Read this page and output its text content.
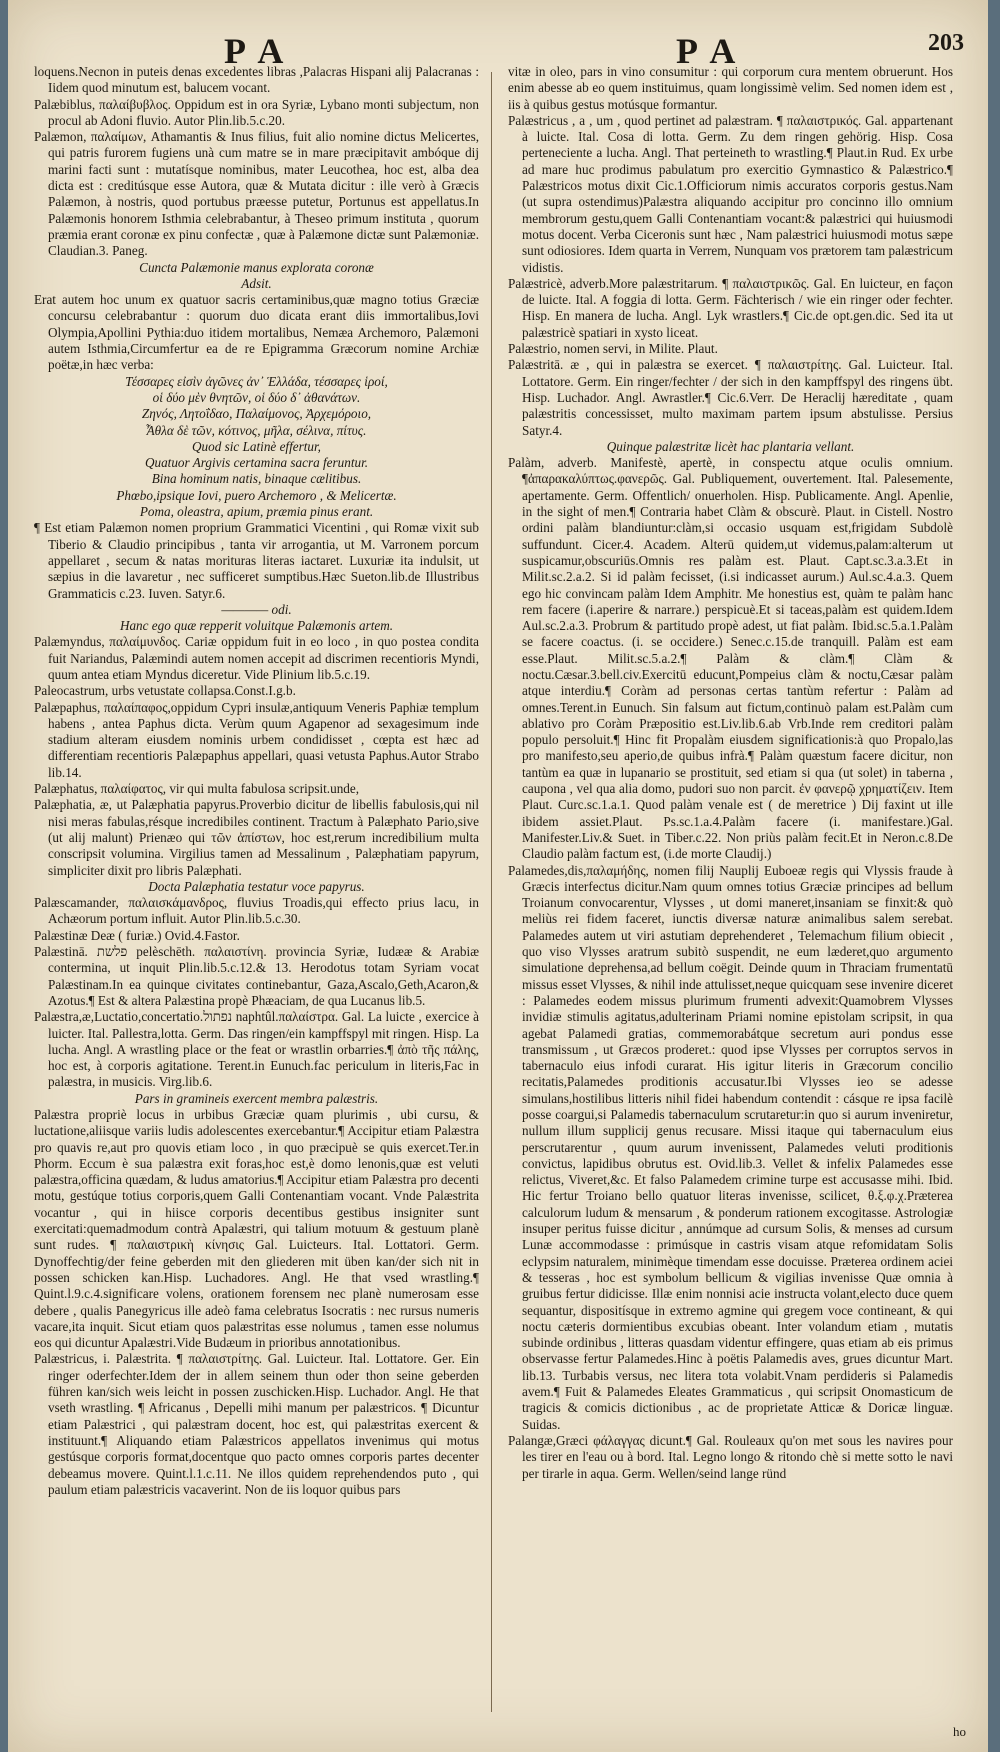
PA	PA	203

loquens.Necnon in puteis denas excedentes libras ,Palacras Hispani alij Palacranas : Iidem quod minutum est, balucem vocant.

Palæbiblus, παλαίβυβλος. Oppidum est in ora Syriæ, Lybano monti subjectum, non procul ab Adoni fluvio. Autor Plin.lib.5.c.20.

Palæmon, παλαίμων, Athamantis & Inus filius, fuit alio nomine dictus Melicertes, qui patris furorem fugiens unà cum matre se in mare præcipitavit ambóque dij marini facti sunt : mutatísque nominibus, mater Leucothea, hoc est, alba dea dicta est : creditúsque esse Autora, quæ & Mutata dicitur : ille verò à Græcis Palæmon, à nostris, quod portubus præesse putetur, Portunus est appellatus.In Palæmonis honorem Isthmia celebrabantur, à Theseo primum instituta , quorum præmia erant coronæ ex pinu confectæ , quæ à Palæmone dictæ sunt Palæmoniæ. Claudian.3. Paneg.

Cuncta Palæmonie manus explorata coronæ

Adsit.

Erat autem hoc unum ex quatuor sacris certaminibus,quæ magno totius Græciæ concursu celebrabantur : quorum duo dicata erant diis immortalibus,Iovi Olympia,Apollini Pythia:duo itidem mortalibus, Nemæa Archemoro, Palæmoni autem Isthmia,Circumfertur ea de re Epigramma Græcorum nomine Archiæ poëtæ,in hæc verba:

Τέσσαρες εἰσὶν ἀγῶνες ἀν᾽ Ἑλλάδα, τέσσαρες ἱροί,

οἱ δύο μὲν θνητῶν, οἱ δύο δ᾽ ἀθανάτων.

Ζηνός, Λητοΐδαο, Παλαίμονος, Ἀρχεμόροιο,

Ἆθλα δὲ τῶν, κότινος, μῆλα, σέλινα, πίτυς.

Quod sic Latinè effertur,

Quatuor Argivis certamina sacra feruntur.

Bina hominum natis, binaque cælitibus.

Phœbo,ipsique Iovi, puero Archemoro , & Melicertæ.

Poma, oleastra, apium, præmia pinus erant.

¶ Est etiam Palæmon nomen proprium Grammatici Vicentini , qui Romæ vixit sub Tiberio & Claudio principibus , tanta vir arrogantia, ut M. Varronem porcum appellaret , secum & natas morituras literas iactaret. Luxuriæ ita indulsit, ut sæpius in die lavaretur , nec sufficeret sumptibus.Hæc Sueton.lib.de Illustribus Grammaticis c.23. Iuven. Satyr.6.

———— odi.

Hanc ego quæ repperit voluitque Palæmonis artem.

Palæmyndus, παλαίμυνδος. Cariæ oppidum fuit in eo loco , in quo postea condita fuit Nariandus, Palæmindi autem nomen accepit ad discrimen recentioris Myndi, quum antea etiam Myndus diceretur. Vide Plinium lib.5.c.19.

Paleocastrum, urbs vetustate collapsa.Const.I.g.b.

Palæpaphus, παλαίπαφος,oppidum Cypri insulæ,antiquum Veneris Paphiæ templum habens , antea Paphus dicta. Verùm quum Agapenor ad sexagesimum inde stadium alteram eiusdem nominis urbem condidisset , cœpta est hæc ad differentiam recentioris Palæpaphus appellari, quasi vetusta Paphus.Autor Strabo lib.14.

Palæphatus, παλαίφατος, vir qui multa fabulosa scripsit.unde,

Palæphatia, æ, ut Palæphatia papyrus.Proverbio dicitur de libellis fabulosis,qui nil nisi meras fabulas,résque incredibiles continent. Tractum à Palæphato Pario,sive (ut alij malunt) Prienæo qui τῶν ἀπίστων, hoc est,rerum incredibilium multa conscripsit volumina. Virgilius tamen ad Messalinum , Palæphatiam papyrum, simpliciter dixit pro libris Palæphati.

Docta Palæphatia testatur voce papyrus.

Palæscamander, παλαισκάμανδρος, fluvius Troadis,qui effecto prius lacu, in Achæorum portum influit. Autor Plin.lib.5.c.30.

Palæstinæ Deæ ( furiæ.) Ovid.4.Fastor.

Palæstinā. פלשת pelèschēth. παλαιστίνη. provincia Syriæ, Iudææ & Arabiæ contermina, ut inquit Plin.lib.5.c.12.& 13. Herodotus totam Syriam vocat Palæstinam.In ea quinque civitates continebantur, Gaza,Ascalo,Geth,Acaron,& Azotus.¶ Est & altera Palæstina propè Phæaciam, de qua Lucanus lib.5.

Palæstra,æ,Luctatio,concertatio.נפתול naphtûl.παλαίστρα. Gal. La luicte , exercice à luicter. Ital. Pallestra,lotta. Germ. Das ringen/ein kampffspyl mit ringen. Hisp. La lucha. Angl. A wrastling place or the feat or wrastlin orbarries.¶ ἀπὸ τῆς πάλης, hoc est, à corporis agitatione. Terent.in Eunuch.fac periculum in literis,Fac in palæstra, in musicis. Virg.lib.6.

Pars in gramineis exercent membra palæstris.

Palæstra propriè locus in urbibus Græciæ quam plurimis , ubi cursu, & luctatione,aliisque variis ludis adolescentes exercebantur.¶ Accipitur etiam Palæstra pro quavis re,aut pro quovis etiam loco , in quo præcipuè se quis exercet.Ter.in Phorm. Eccum è sua palæstra exit foras,hoc est,è domo lenonis,quæ est veluti palæstra,officina quædam, & ludus amatorius.¶ Accipitur etiam Palæstra pro decenti motu, gestúque totius corporis,quem Galli Contenantiam vocant. Vnde Palæstrita vocantur , qui in hiisce corporis decentibus gestibus insigniter sunt exercitati:quemadmodum contrà Apalæstri, qui talium motuum & gestuum planè sunt rudes. ¶ παλαιστρικὴ κίνησις Gal. Luicteurs. Ital. Lottatori. Germ. Dynoffechtig/der feine geberden mit den gliederen mit üben kan/der sich nit in possen schicken kan.Hisp. Luchadores. Angl. He that vsed wrastling.¶ Quint.l.9.c.4.significare volens, orationem forensem nec planè numerosam esse debere , qualis Panegyricus ille adeò fama celebratus Isocratis : nec rursus numeris vacare,ita inquit. Sicut etiam quos palæstritas esse nolumus , tamen esse nolumus eos qui dicuntur Apalæstri.Vide Budæum in prioribus annotationibus.

Palæstricus, i. Palæstrita. ¶ παλαιστρίτης. Gal. Luicteur. Ital. Lottatore. Ger. Ein ringer oderfechter.Idem der in allem seinem thun oder thon seine geberden führen kan/sich weis leicht in possen zuschicken.Hisp. Luchador. Angl. He that vseth wrastling. ¶ Africanus , Depelli mihi manum per palæstricos. ¶ Dicuntur etiam Palæstrici , qui palæstram docent, hoc est, qui palæstritas exercent & instituunt.¶ Aliquando etiam Palæstricos appellatos invenimus qui motus gestúsque corporis format,docentque quo pacto omnes corporis partes decenter debeamus movere. Quint.l.1.c.11. Ne illos quidem reprehendendos puto , qui paulum etiam palæstricis vacaverint. Non de iis loquor quibus pars

vitæ in oleo, pars in vino consumitur : qui corporum cura mentem obruerunt. Hos enim abesse ab eo quem instituimus, quam longissimè velim. Sed nomen idem est , iis à quibus gestus motúsque formantur.

Palæstricus , a , um , quod pertinet ad palæstram. ¶ παλαιστρικός. Gal. appartenant à luicte. Ital. Cosa di lotta. Germ. Zu dem ringen gehörig. Hisp. Cosa perteneciente a lucha. Angl. That perteineth to wrastling.¶ Plaut.in Rud. Ex urbe ad mare huc prodimus pabulatum pro exercitio Gymnastico & Palæstrico.¶ Palæstricos motus dixit Cic.1.Officiorum nimis accuratos corporis gestus.Nam (ut supra ostendimus)Palæstra aliquando accipitur pro concinno illo omnium membrorum gestu,quem Galli Contenantiam vocant:& palæstrici qui huiusmodi motus docent. Verba Ciceronis sunt hæc , Nam palæstrici huiusmodi motus sæpe sunt odiosiores. Idem quarta in Verrem, Nunquam vos prætorem tam palæstricum vidistis.

Palæstricè, adverb.More palæstritarum. ¶ παλαιστρικῶς. Gal. En luicteur, en façon de luicte. Ital. A foggia di lotta. Germ. Fächterisch / wie ein ringer oder fechter. Hisp. En manera de lucha. Angl. Lyk wrastlers.¶ Cic.de opt.gen.dic. Sed ita ut palæstricè spatiari in xysto liceat.

Palæstrio, nomen servi, in Milite. Plaut.

Palæstritā. æ , qui in palæstra se exercet. ¶ παλαιστρίτης. Gal. Luicteur. Ital. Lottatore. Germ. Ein ringer/fechter / der sich in den kampffspyl des ringens übt. Hisp. Luchador. Angl. Awrastler.¶ Cic.6.Verr. De Heraclij hæreditate , quam palæstritis concessisset, multo maximam partem ipsum abstulisse. Persius Satyr.4.

Quinque palæstritæ licèt hac plantaria vellant.

Palàm, adverb. Manifestè, apertè, in conspectu atque oculis omnium. ¶ἀπαρακαλύπτως.φανερῶς. Gal. Publiquement, ouvertement. Ital. Palesemente, apertamente. Germ. Offentlich/ onuerholen. Hisp. Publicamente. Angl. Apenlie, in the sight of men.¶ Contraria habet Clàm & obscurè. Plaut. in Cistell. Nostro ordini palàm blandiuntur:clàm,si occasio usquam est,frigidam Subdolè suffundunt. Cicer.4. Academ. Alterū quidem,ut videmus,palam:alterum ut suspicamur,obscuriūs.Omnis res palàm est. Plaut. Capt.sc.3.a.3.Et in Milit.sc.2.a.2. Si id palàm fecisset, (i.si indicasset aurum.) Aul.sc.4.a.3. Quem ego hic convincam palàm Idem Amphitr. Me honestius est, quàm te palàm hanc rem facere (i.aperire & narrare.) perspicuè.Et si taceas,palàm est quidem.Idem Aul.sc.2.a.3. Probrum & partitudo propè adest, ut fiat palàm. Ibid.sc.5.a.1.Palàm se facere coactus. (i. se occidere.) Senec.c.15.de tranquill. Palàm est eam esse.Plaut. Milit.sc.5.a.2.¶ Palàm & clàm.¶ Clàm & noctu.Cæsar.3.bell.civ.Exercitū educunt,Pompeius clàm & noctu,Cæsar palàm atque interdiu.¶ Coràm ad personas certas tantùm refertur : Palàm ad omnes.Terent.in Eunuch. Sin falsum aut fictum,continuò palam est.Palàm cum ablativo pro Coràm Præpositio est.Liv.lib.6.ab Vrb.Inde rem creditori palàm populo persoluit.¶ Hinc fit Propalàm eiusdem significationis:à quo Propalo,las pro manifesto,seu aperio,de quibus infrà.¶ Palàm quæstum facere dicitur, non tantùm ea quæ in lupanario se prostituit, sed etiam si qua (ut solet) in taberna , caupona , vel qua alia domo, pudori suo non parcit. ἐν φανερῷ χρηματίζειν. Item Plaut. Curc.sc.1.a.1. Quod palàm venale est ( de meretrice ) Dij faxint ut ille ibidem assiet.Plaut. Ps.sc.1.a.4.Palàm facere (i. manifestare.)Gal. Manifester.Liv.& Suet. in Tiber.c.22. Non priùs palàm fecit.Et in Neron.c.8.De Claudio palàm factum est, (i.de morte Claudij.)

Palamedes,dis,παλαμήδης, nomen filij Nauplij Euboeæ regis qui Vlyssis fraude à Græcis interfectus dicitur.Nam quum omnes totius Græciæ principes ad bellum Troianum convocarentur, Vlysses , ut domi maneret,insaniam se finxit:& quò meliùs rei fidem faceret, iunctis diversæ naturæ animalibus salem serebat. Palamedes autem ut viri astutiam deprehenderet , Telemachum filium obiecit , quo viso Vlysses aratrum subitò suspendit, ne eum læderet,quo argumento simulatione deprehensa,ad bellum coëgit. Deinde quum in Thraciam frumentatū missus esset Vlysses, & nihil inde attulisset,neque quicquam sese invenire diceret : Palamedes eodem missus plurimum frumenti advexit:Quamobrem Vlysses invidiæ stimulis agitatus,adulterinam Priami nomine epistolam scripsit, in qua agebat Palamedi gratias, commemorabátque secretum auri pondus esse transmissum , ut Græcos proderet.: quod ipse Vlysses per corruptos servos in tabernaculo eius infodi curarat. His igitur literis in Græcorum concilio recitatis,Palamedes proditionis accusatur.Ibi Vlysses ieo se adesse simulans,hostilibus litteris nihil fidei habendum contendit : cásque re ipsa facilè posse coargui,si Palamedis tabernaculum scrutaretur:in quo si aurum inveniretur, nullum illum supplicij genus recusare. Missi itaque qui tabernaculum eius perscrutarentur , quum aurum invenissent, Palamedes veluti proditionis convictus, lapidibus obrutus est. Ovid.lib.3. Vellet & infelix Palamedes esse relictus, Viveret,&c. Et falso Palamedem crimine turpe est accusasse mihi. Ibid. Hic fertur Troiano bello quatuor literas invenisse, scilicet, θ.ξ.φ.χ.Præterea calculorum ludum & mensarum , & ponderum rationem excogitasse. Astrologiæ insuper peritus fuisse dicitur , annúmque ad cursum Solis, & menses ad cursum Lunæ accommodasse : primúsque in castris visam atque refomidatam Solis eclypsim naturalem, minimèque timendam esse docuisse. Præterea ordinem aciei & tesseras , hoc est symbolum bellicum & vigilias invenisse Quæ omnia à gruibus fertur didicisse. Illæ enim nonnisi acie instructa volant,electo duce quem sequantur, dispositísque in extremo agmine qui gregem voce contineant, & qui noctu cæteris dormientibus excubias obeant. Inter volandum etiam , mutatis subinde ordinibus , litteras quasdam videntur effingere, quas etiam ab eis primus observasse fertur Palamedes.Hinc à poëtis Palamedis aves, grues dicuntur Mart. lib.13. Turbabis versus, nec litera tota volabit.Vnam perdideris si Palamedis avem.¶ Fuit & Palamedes Eleates Grammaticus , qui scripsit Onomasticum de tragicis & comicis dictionibus , ac de proprietate Atticæ & Doricæ linguæ. Suidas.

Palangæ,Græci φάλαγγας dicunt.¶ Gal. Rouleaux qu'on met sous les navires pour les tirer en l'eau ou à bord. Ital. Legno longo & ritondo chè si mette sotto le navi per tirarle in aqua. Germ. Wellen/seind lange ründ

ho
